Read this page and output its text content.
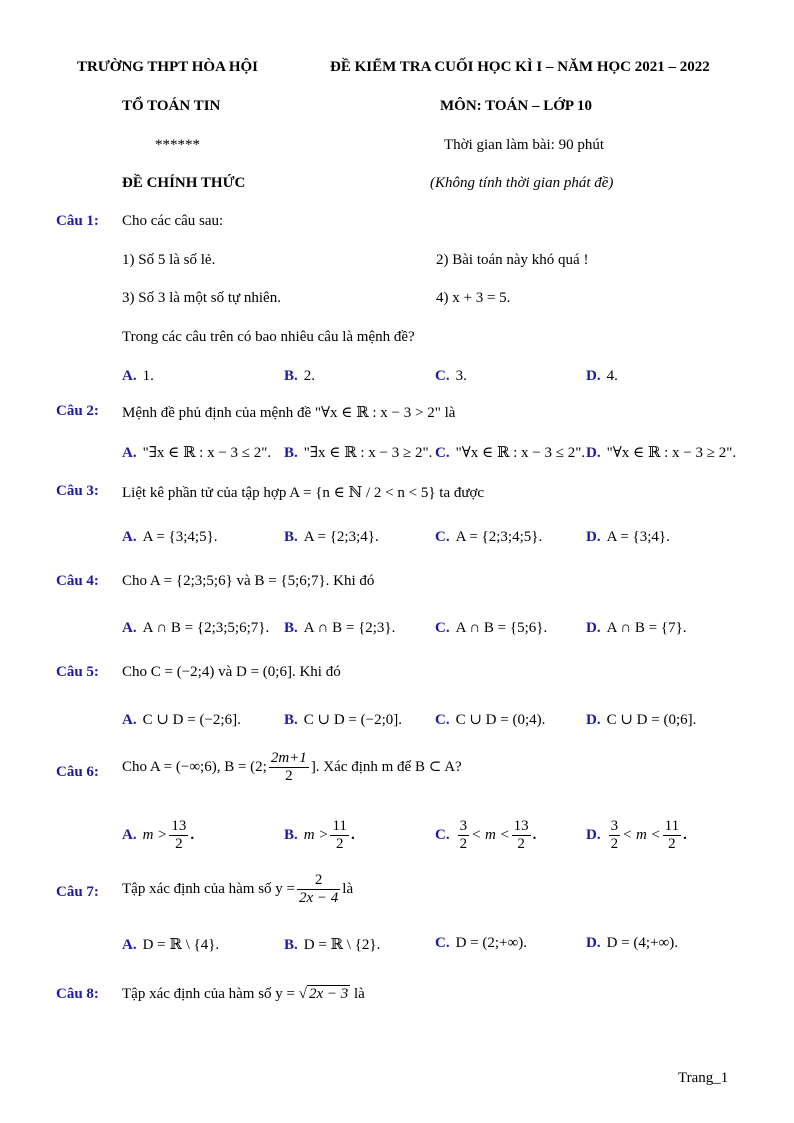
TRƯỜNG THPT HÒA HỘI	ĐỀ KIỂM TRA CUỐI HỌC KÌ I – NĂM HỌC 2021 – 2022
TỔ TOÁN TIN	MÔN: TOÁN – LỚP 10
******	Thời gian làm bài: 90 phút
ĐỀ CHÍNH THỨC	(Không tính thời gian phát đề)
Câu 1: Cho các câu sau:
1) Số 5 là số lẻ.	2) Bài toán này khó quá !
3) Số 3 là một số tự nhiên.	4) x + 3 = 5.
Trong các câu trên có bao nhiêu câu là mệnh đề?
A. 1.	B. 2.	C. 3.	D. 4.
Câu 2: Mệnh đề phủ định của mệnh đề "∀x ∈ ℝ : x − 3 > 2" là
A. "∃x ∈ ℝ : x − 3 ≤ 2". B. "∃x ∈ ℝ : x − 3 ≥ 2". C. "∀x ∈ ℝ : x − 3 ≤ 2". D. "∀x ∈ ℝ : x − 3 ≥ 2".
Câu 3: Liệt kê phần tử của tập hợp A = {n ∈ ℕ / 2 < n < 5} ta được
A. A = {3;4;5}.	B. A = {2;3;4}.	C. A = {2;3;4;5}.	D. A = {3;4}.
Câu 4: Cho A = {2;3;5;6} và B = {5;6;7}. Khi đó
A. A ∩ B = {2;3;5;6;7}. B. A ∩ B = {2;3}.	C. A ∩ B = {5;6}.	D. A ∩ B = {7}.
Câu 5: Cho C = (−2;4) và D = (0;6]. Khi đó
A. C ∪ D = (−2;6].	B. C ∪ D = (−2;0]. C. C ∪ D = (0;4).	D. C ∪ D = (0;6].
Câu 6: Cho A = (−∞;6), B = (2; $\frac{2m+1}{2}$ ]. Xác định m để B ⊂ A?
A. $m > \frac{13}{2}$ .	B. $m > \frac{11}{2}$ .	C. $\frac{3}{2} < m < \frac{13}{2}$ .	D. $\frac{3}{2} < m < \frac{11}{2}$ .
Câu 7: Tập xác định của hàm số $y = \frac{2}{2x - 4}$ là
A. D = ℝ \ {4}.	B. D = ℝ \ {2}.	C. D = (2;+∞).	D. D = (4;+∞).
Câu 8: Tập xác định của hàm số y = √ 2x − 3 là
Trang_1
